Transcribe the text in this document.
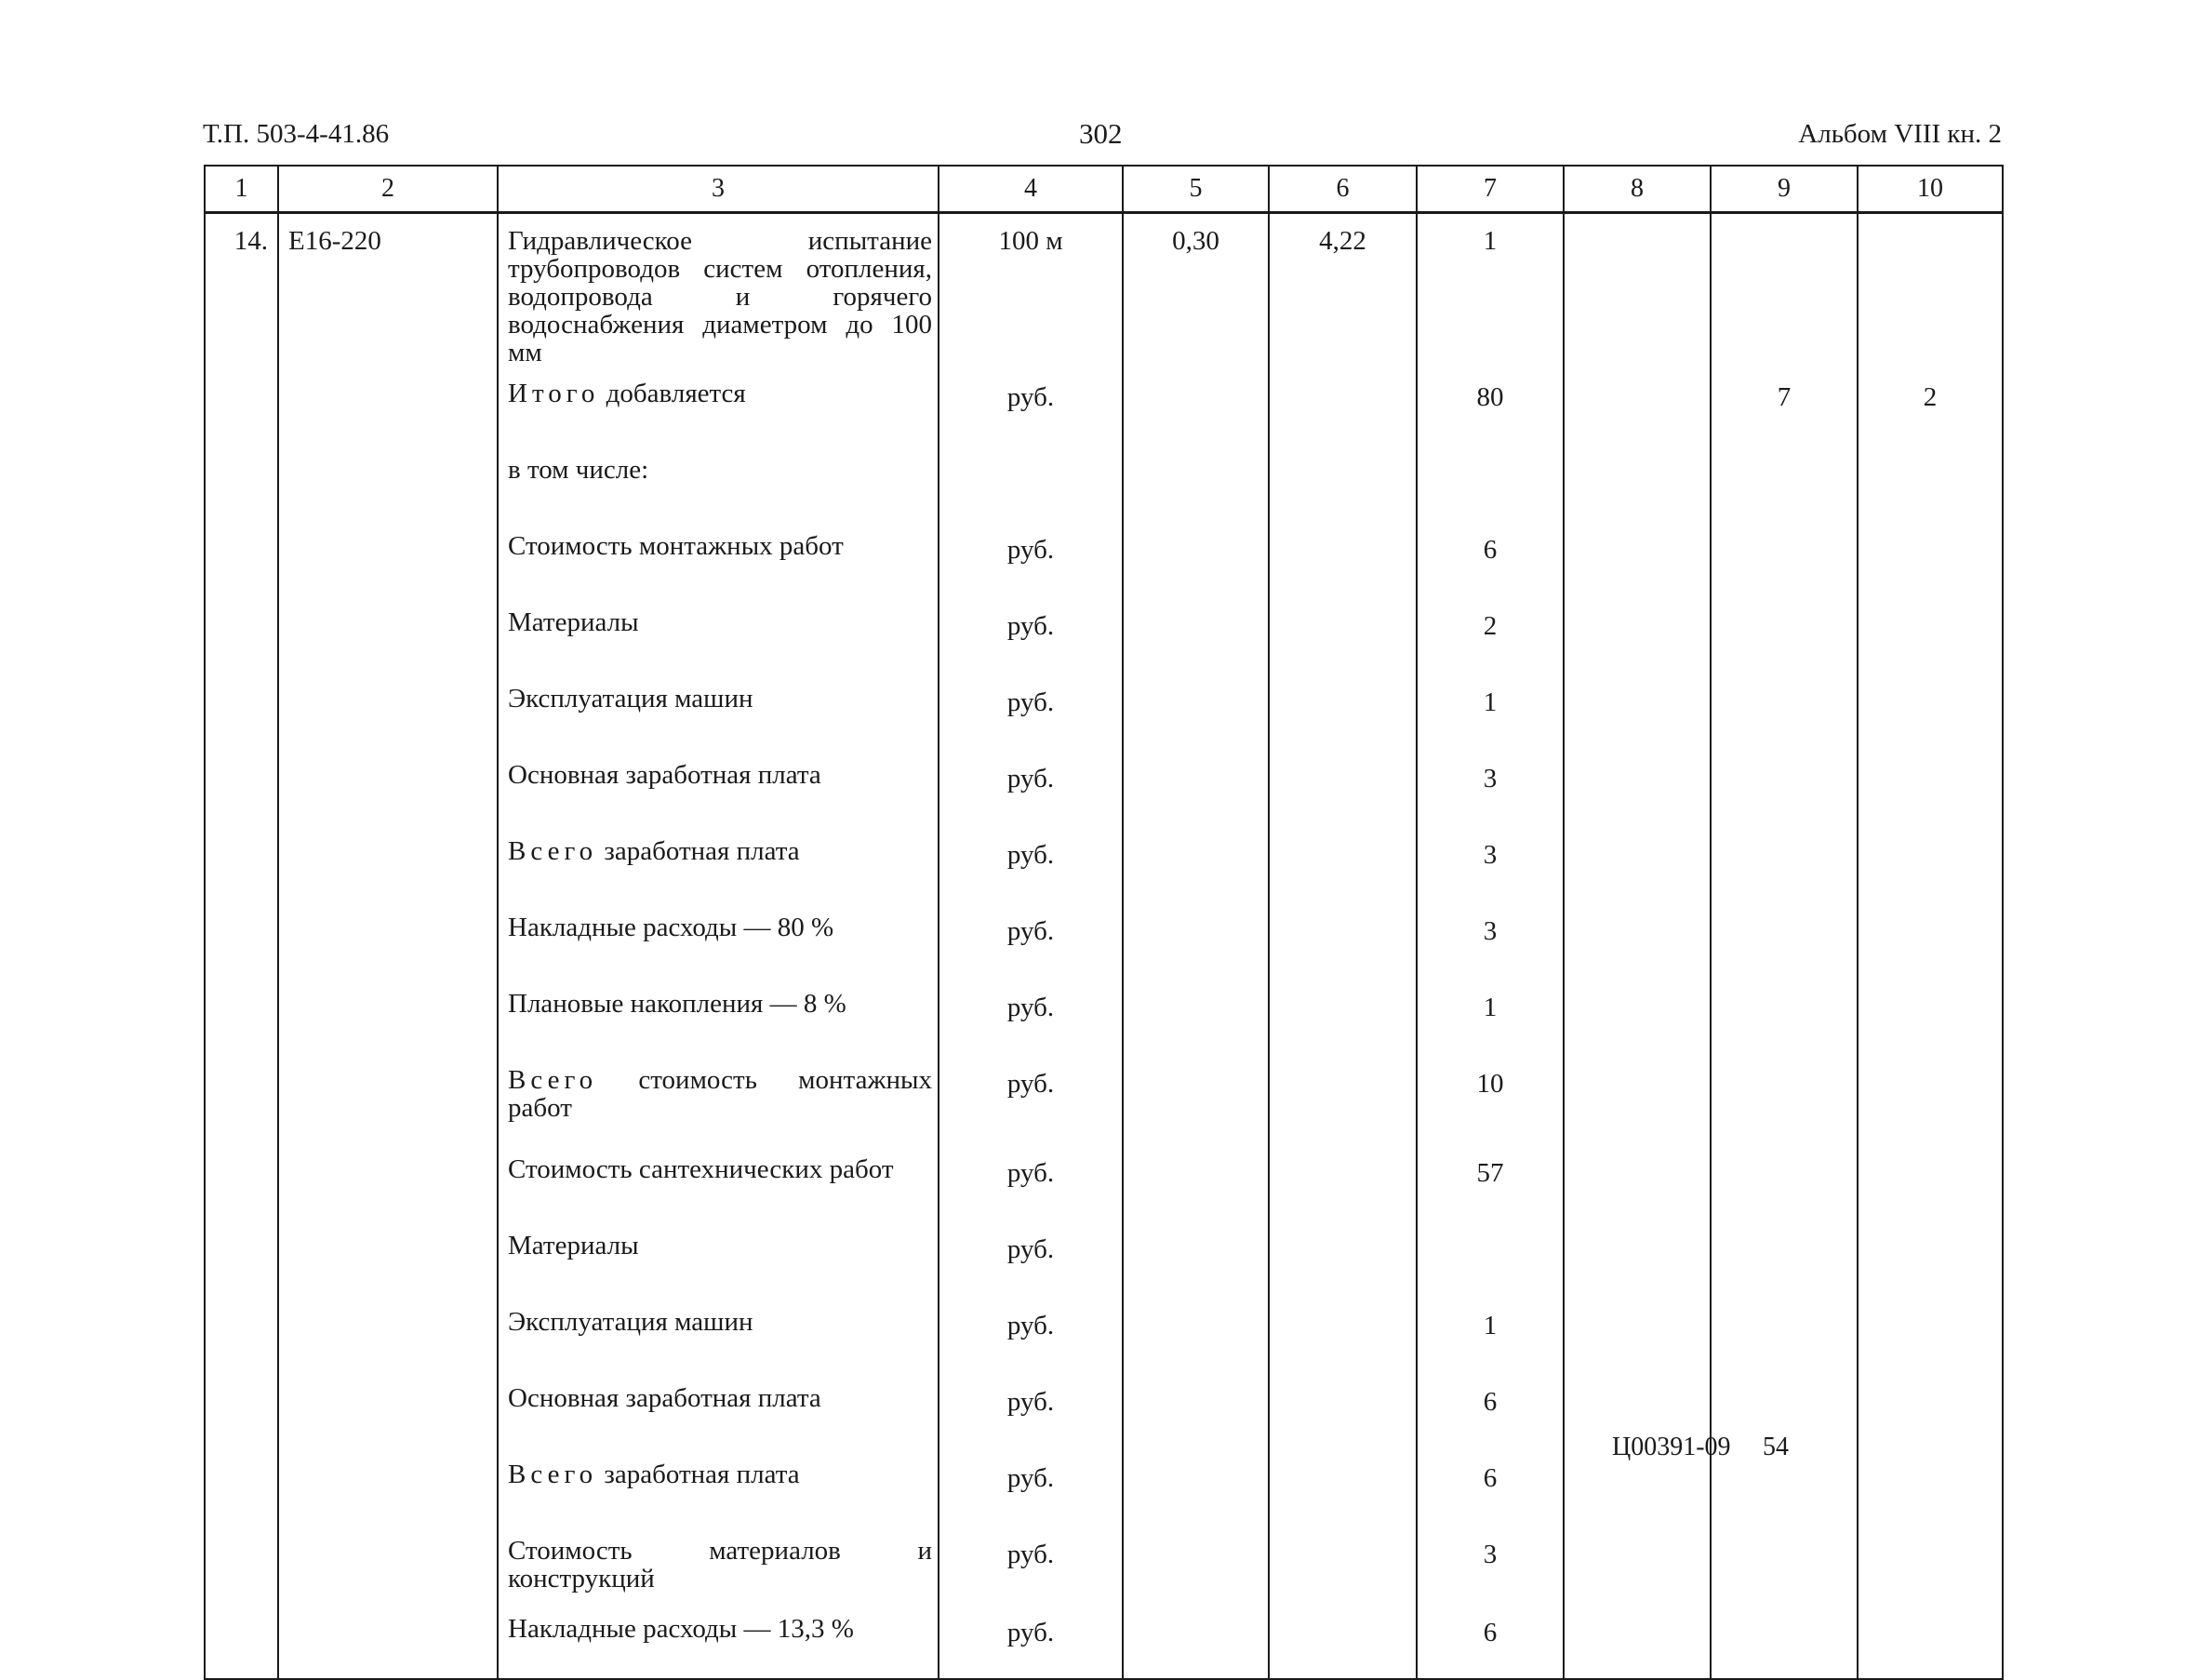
Т.П. 503-4-41.86	302	Альбом VIII кн. 2
1	2	3	4	5	6	7	8	9	10
14.	Е16-220	Гидравлическое испытание трубопроводов систем отопления, водопровода и горячего водоснабжения диаметром до 100 мм	100 м	0,30	4,22	1			
		Итого добавляется	руб.			80		7	2
		в том числе:							
		Стоимость монтажных работ	руб.			6			
		Материалы	руб.			2			
		Эксплуатация машин	руб.			1			
		Основная заработная плата	руб.			3			
		Всего заработная плата	руб.			3			
		Накладные расходы — 80 %	руб.			3			
		Плановые накопления — 8 %	руб.			1			
		Всего стоимость монтажных работ	руб.			10			
		Стоимость сантехнических работ	руб.			57			
		Материалы	руб.						
		Эксплуатация машин	руб.			1			
		Основная заработная плата	руб.			6			
		Всего заработная плата	руб.			6			
		Стоимость материалов и конструкций	руб.			3			
		Накладные расходы — 13,3 %	руб.			6			
Ц00391-09 54
